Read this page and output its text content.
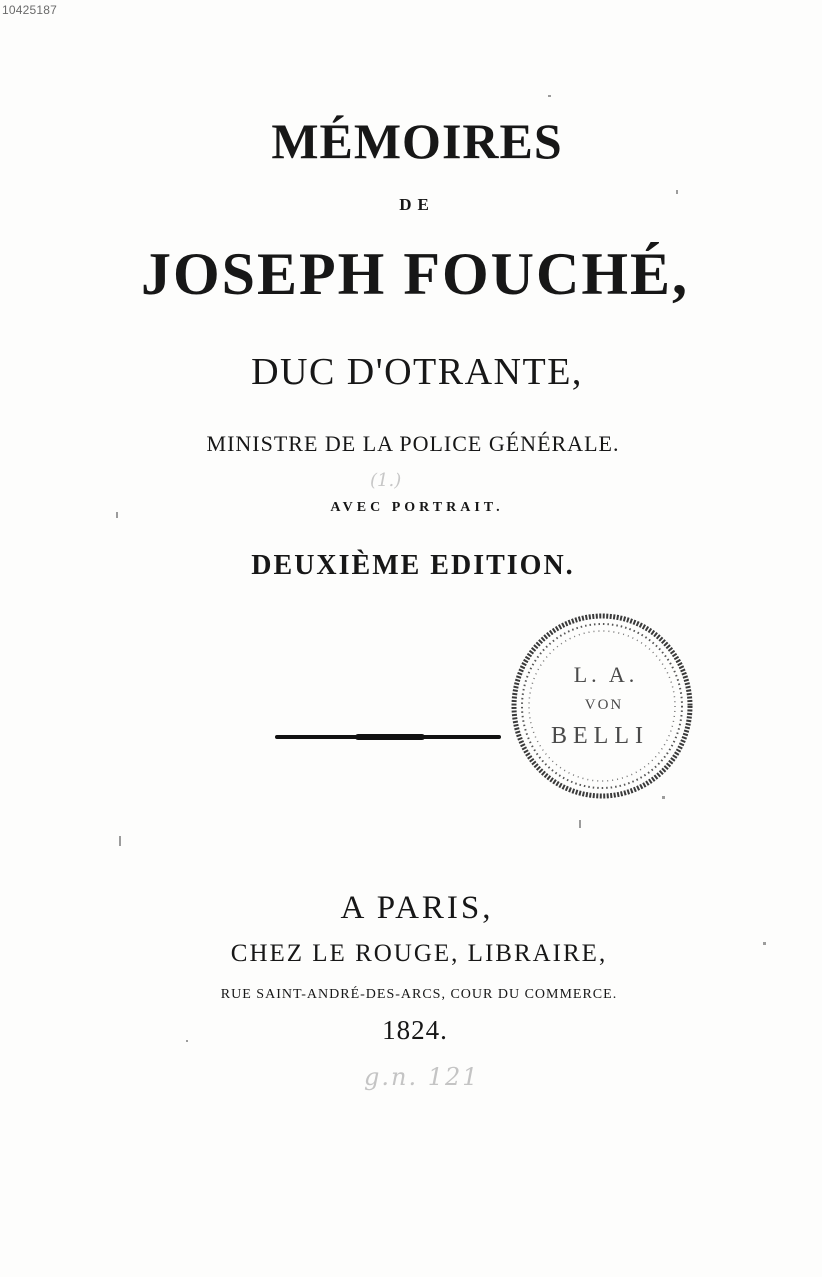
10425187
MÉMOIRES
DE
JOSEPH FOUCHÉ,
DUC D'OTRANTE,
MINISTRE DE LA POLICE GÉNÉRALE.
(1.)
AVEC PORTRAIT.
DEUXIÈME EDITION.
L. A.
VON
BELLI
A PARIS,
CHEZ LE ROUGE, LIBRAIRE,
RUE SAINT-ANDRÉ-DES-ARCS, COUR DU COMMERCE.
1824.
g.n. 121
